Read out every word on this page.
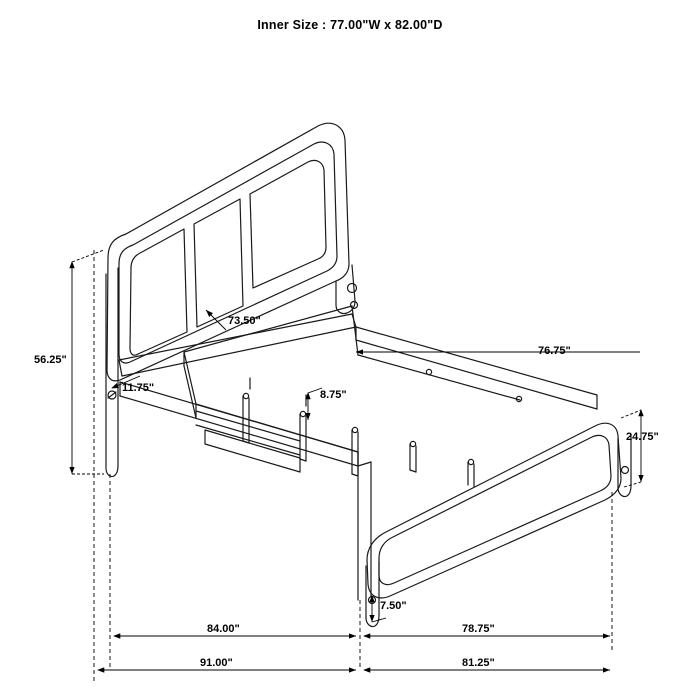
Inner Size : 77.00"W x 82.00"D
56.25"
11.75"
73.50"
8.75"
76.75"
24.75"
7.50"
84.00"	78.75"
91.00"	81.25"
